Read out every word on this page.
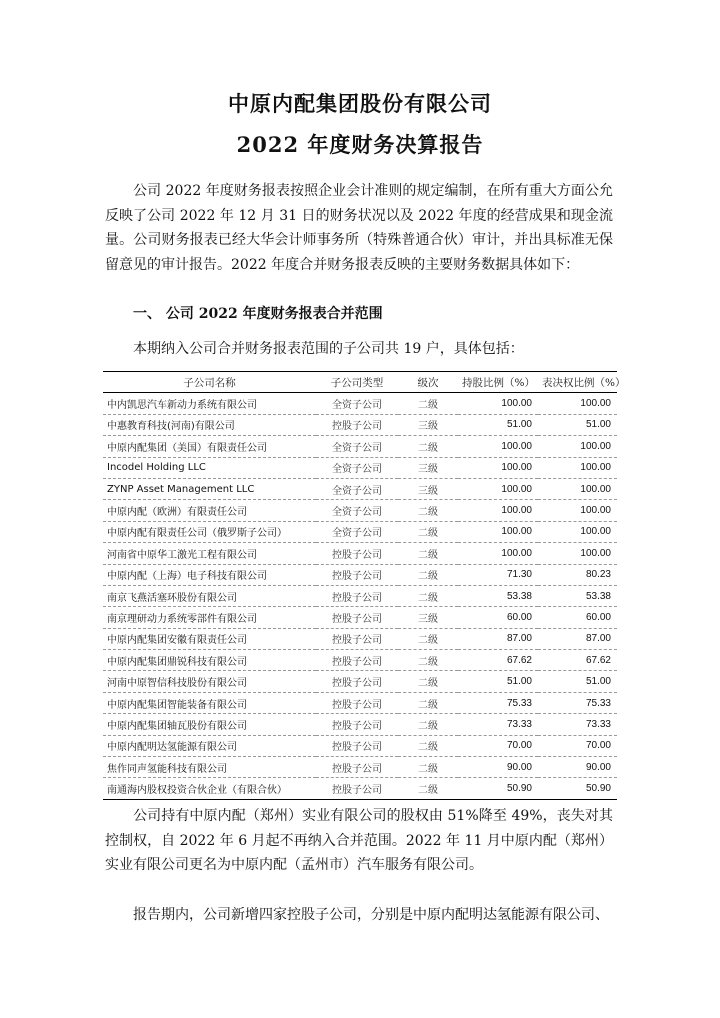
中原内配集团股份有限公司
2022 年度财务决算报告
公司 2022 年度财务报表按照企业会计准则的规定编制，在所有重大方面公允反映了公司 2022 年 12 月 31 日的财务状况以及 2022 年度的经营成果和现金流量。公司财务报表已经大华会计师事务所（特殊普通合伙）审计，并出具标准无保留意见的审计报告。2022 年度合并财务报表反映的主要财务数据具体如下：
一、 公司 2022 年度财务报表合并范围
本期纳入公司合并财务报表范围的子公司共 19 户，具体包括：
子公司名称	子公司类型	级次	持股比例（%）	表决权比例（%）
中内凯思汽车新动力系统有限公司	全资子公司	二级	100.00	100.00
中惠教育科技(河南)有限公司	控股子公司	三级	51.00	51.00
中原内配集团（美国）有限责任公司	全资子公司	二级	100.00	100.00
Incodel Holding LLC	全资子公司	三级	100.00	100.00
ZYNP Asset Management LLC	全资子公司	三级	100.00	100.00
中原内配（欧洲）有限责任公司	全资子公司	二级	100.00	100.00
中原内配有限责任公司（俄罗斯子公司）	全资子公司	二级	100.00	100.00
河南省中原华工激光工程有限公司	控股子公司	二级	100.00	100.00
中原内配（上海）电子科技有限公司	控股子公司	二级	71.30	80.23
南京飞燕活塞环股份有限公司	控股子公司	二级	53.38	53.38
南京理研动力系统零部件有限公司	控股子公司	三级	60.00	60.00
中原内配集团安徽有限责任公司	控股子公司	二级	87.00	87.00
中原内配集团鼎锐科技有限公司	控股子公司	二级	67.62	67.62
河南中原智信科技股份有限公司	控股子公司	二级	51.00	51.00
中原内配集团智能装备有限公司	控股子公司	二级	75.33	75.33
中原内配集团轴瓦股份有限公司	控股子公司	二级	73.33	73.33
中原内配明达氢能源有限公司	控股子公司	二级	70.00	70.00
焦作同声氢能科技有限公司	控股子公司	二级	90.00	90.00
南通海内股权投资合伙企业（有限合伙）	控股子公司	二级	50.90	50.90
公司持有中原内配（郑州）实业有限公司的股权由 51%降至 49%，丧失对其控制权，自 2022 年 6 月起不再纳入合并范围。2022 年 11 月中原内配（郑州）实业有限公司更名为中原内配（孟州市）汽车服务有限公司。
报告期内，公司新增四家控股子公司，分别是中原内配明达氢能源有限公司、
